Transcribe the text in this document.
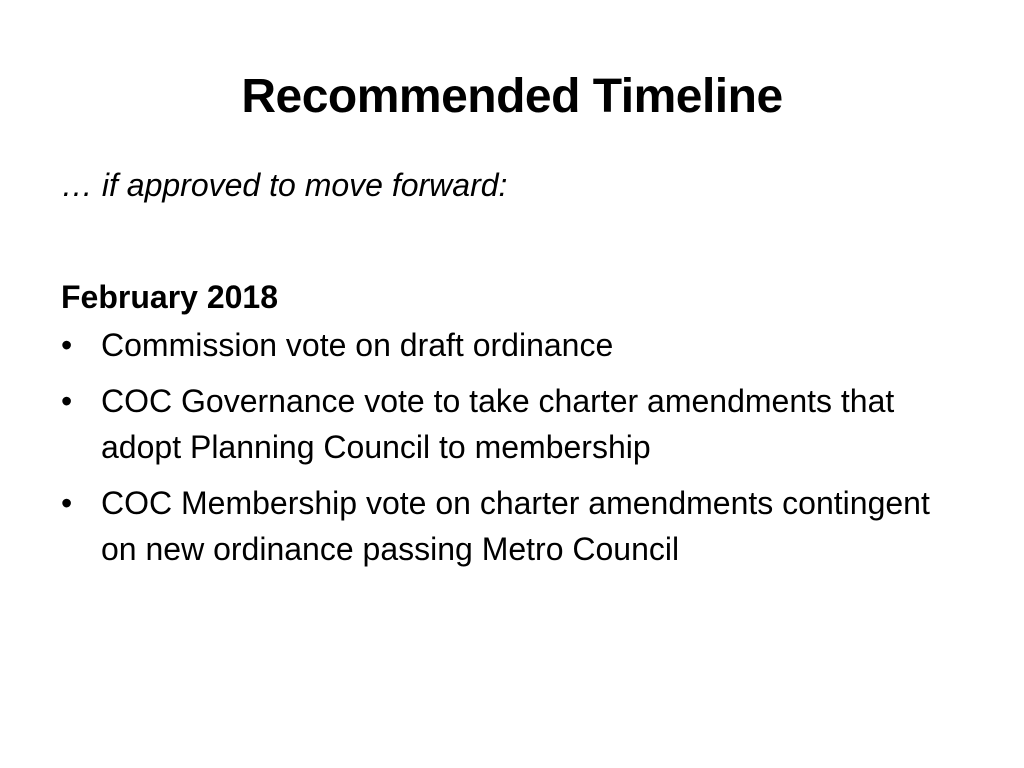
Recommended Timeline

… if approved to move forward:

February 2018

• Commission vote on draft ordinance
• COC Governance vote to take charter amendments that adopt Planning Council to membership
• COC Membership vote on charter amendments contingent on new ordinance passing Metro Council
